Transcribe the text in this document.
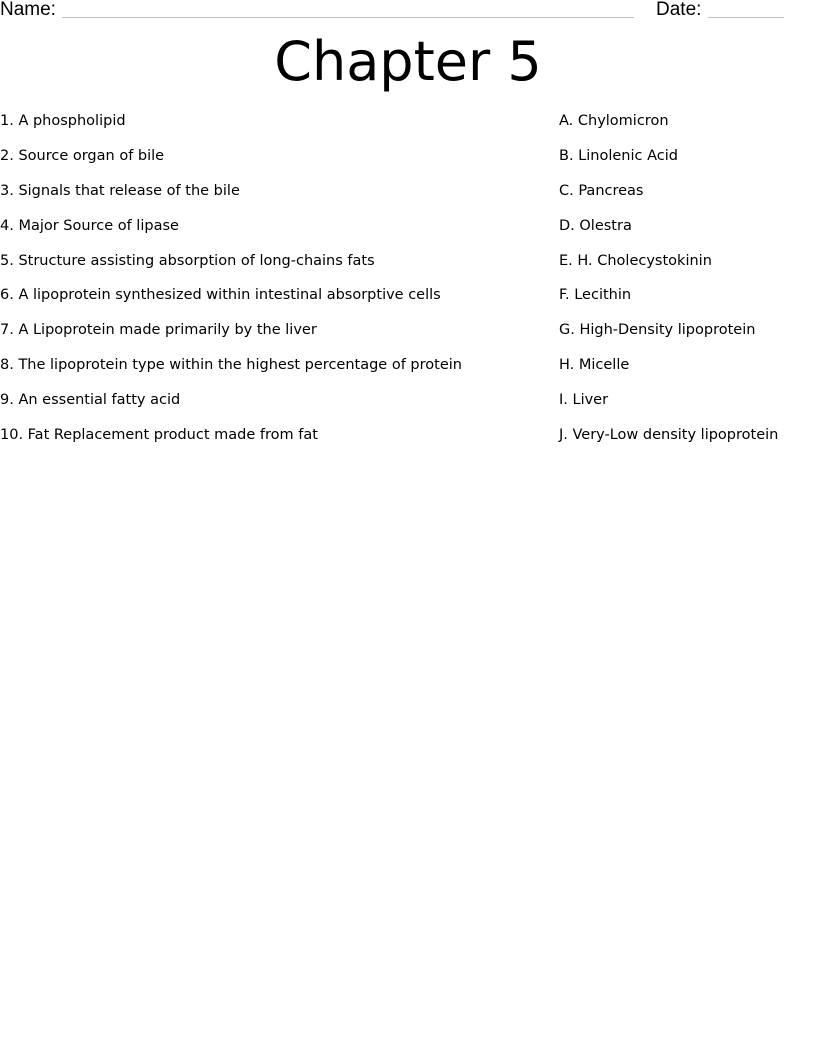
Name:	Date:
Chapter 5
1. A phospholipid
2. Source organ of bile
3. Signals that release of the bile
4. Major Source of lipase
5. Structure assisting absorption of long-chains fats
6. A lipoprotein synthesized within intestinal absorptive cells
7. A Lipoprotein made primarily by the liver
8. The lipoprotein type within the highest percentage of protein
9. An essential fatty acid
10. Fat Replacement product made from fat
A. Chylomicron
B. Linolenic Acid
C. Pancreas
D. Olestra
E. H. Cholecystokinin
F. Lecithin
G. High-Density lipoprotein
H. Micelle
I. Liver
J. Very-Low density lipoprotein
